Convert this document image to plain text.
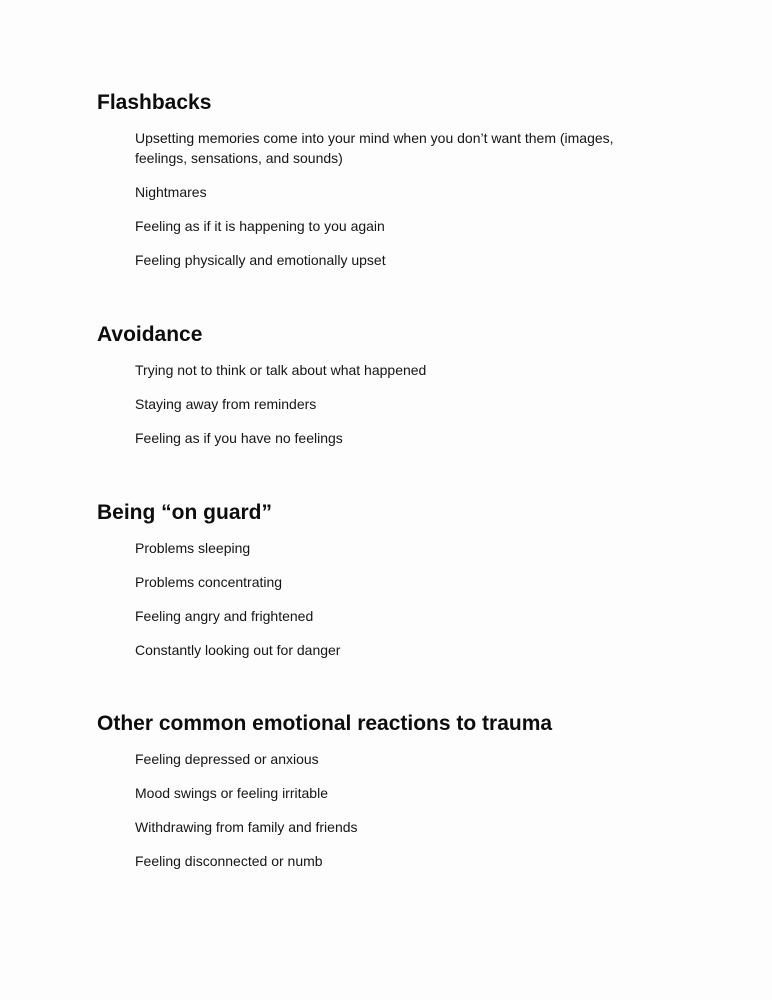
Flashbacks
Upsetting memories come into your mind when you don’t want them (images, feelings, sensations, and sounds)
Nightmares
Feeling as if it is happening to you again
Feeling physically and emotionally upset
Avoidance
Trying not to think or talk about what happened
Staying away from reminders
Feeling as if you have no feelings
Being “on guard”
Problems sleeping
Problems concentrating
Feeling angry and frightened
Constantly looking out for danger
Other common emotional reactions to trauma
Feeling depressed or anxious
Mood swings or feeling irritable
Withdrawing from family and friends
Feeling disconnected or numb
